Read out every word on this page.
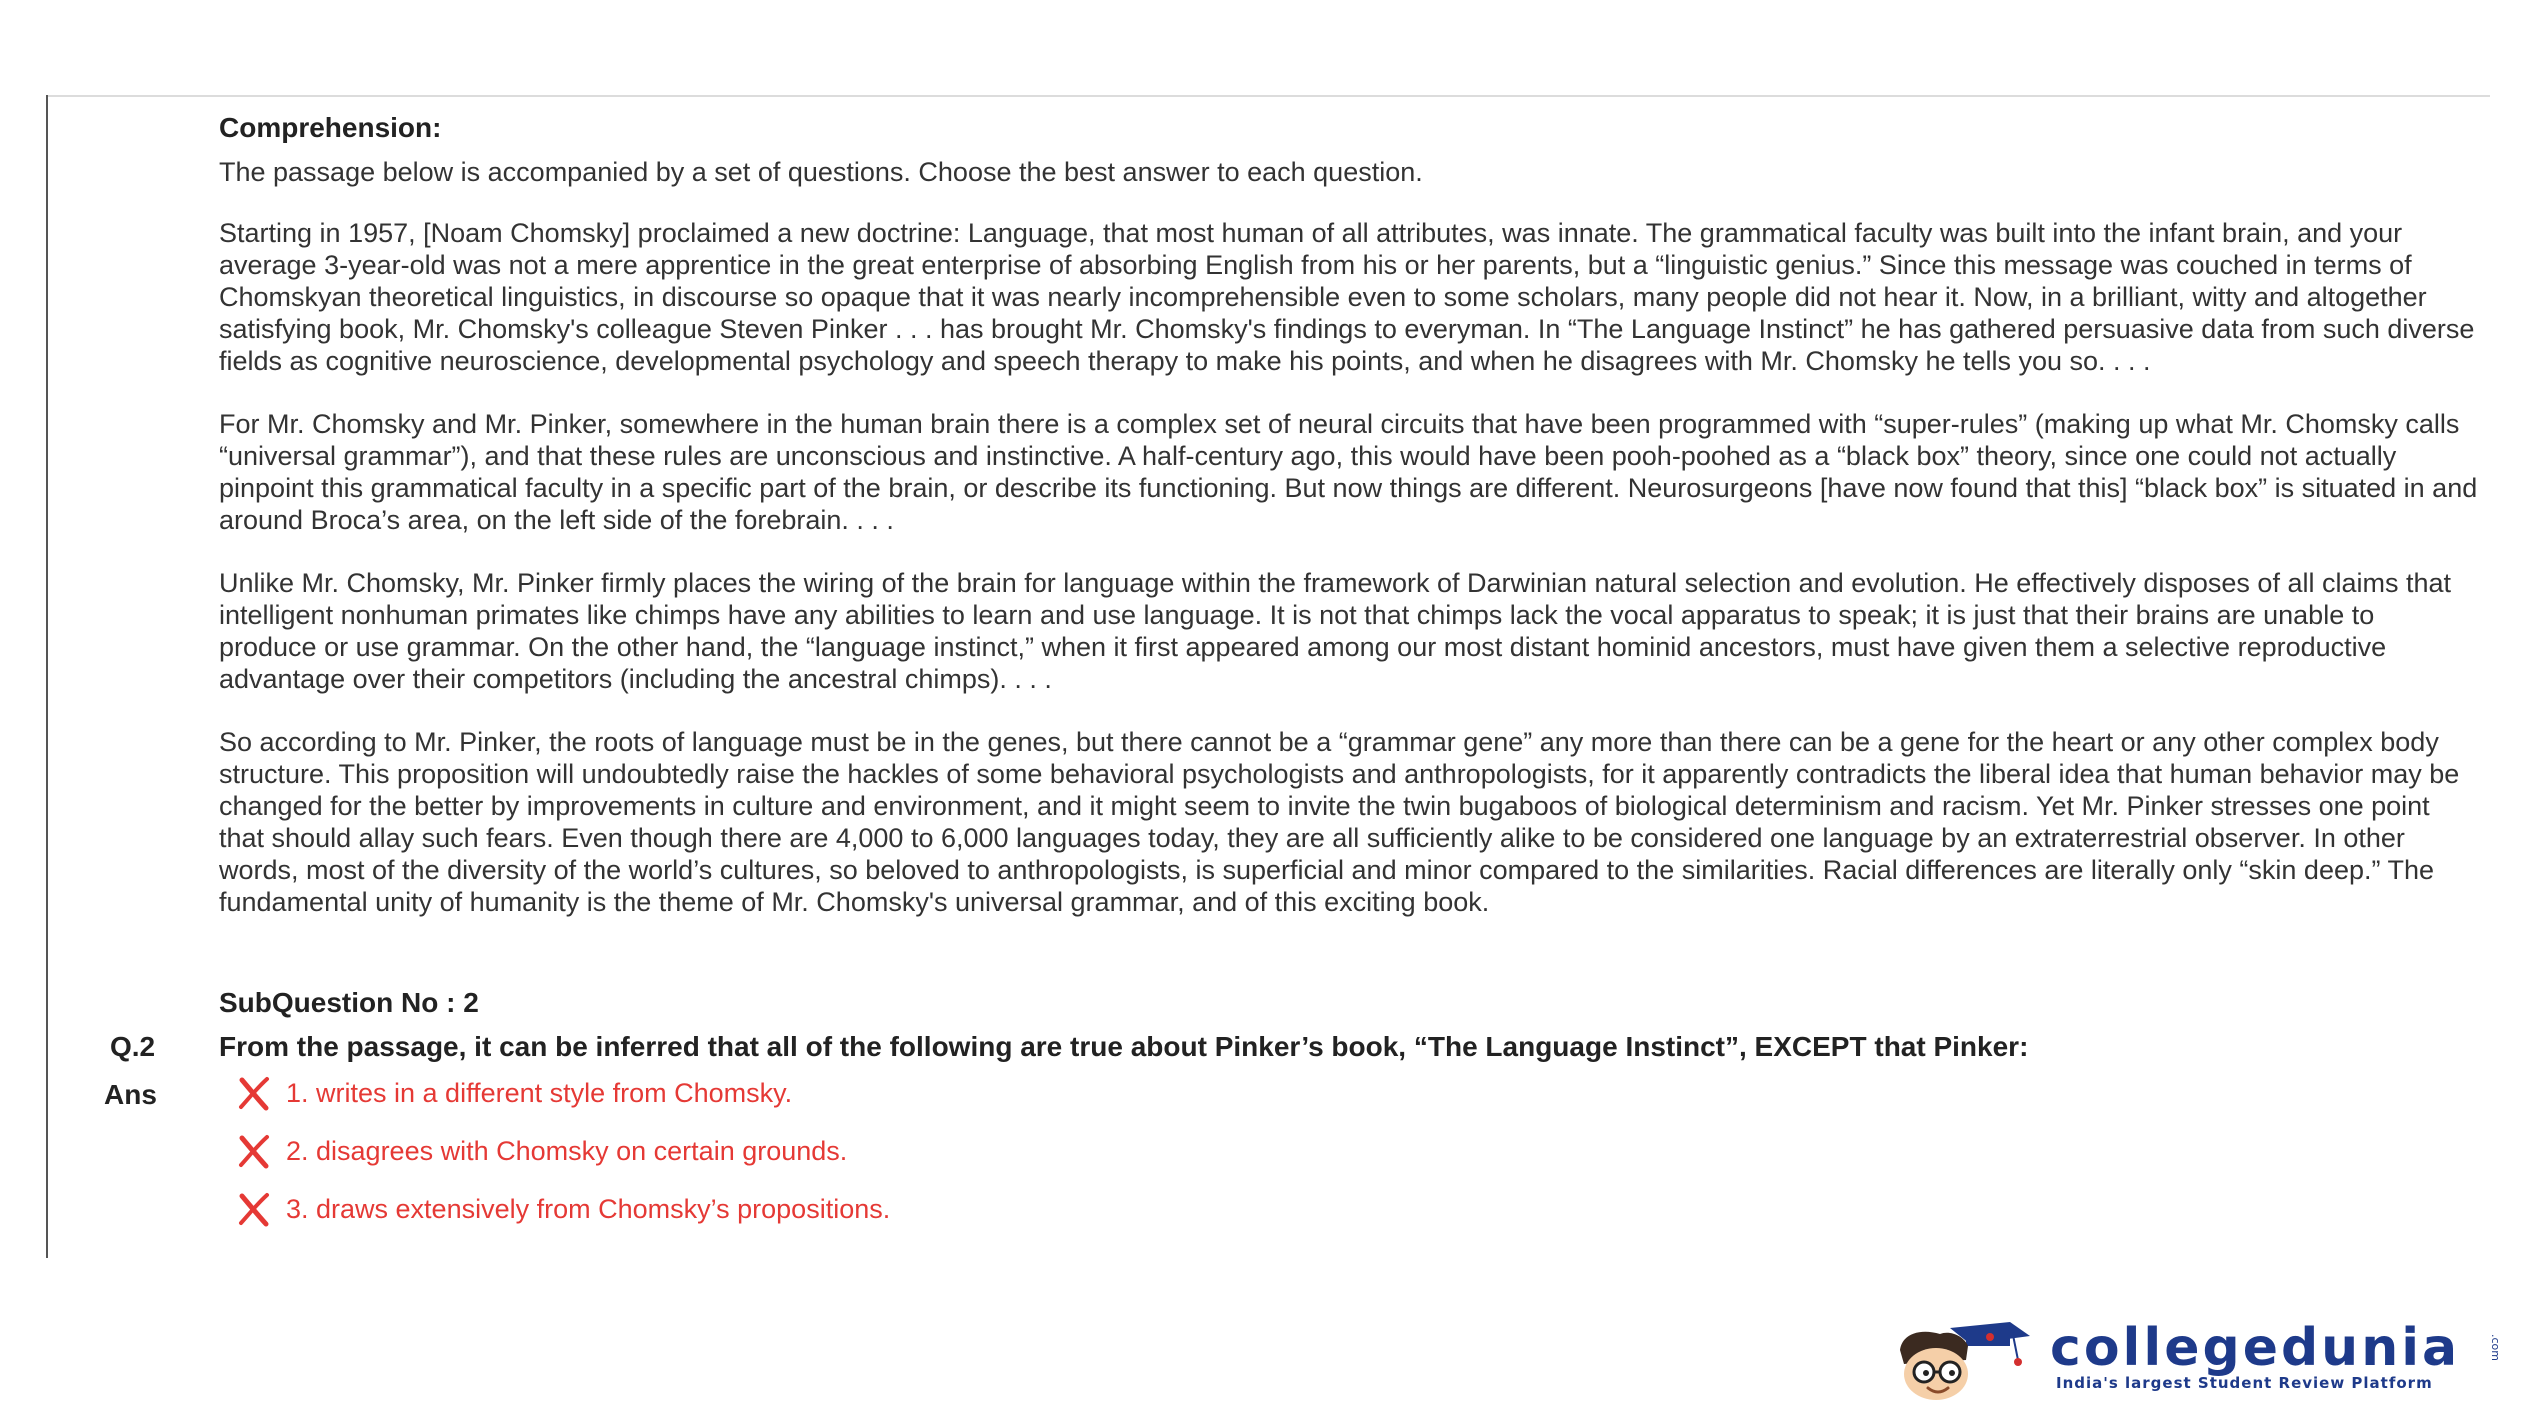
Comprehension:
The passage below is accompanied by a set of questions. Choose the best answer to each question.

Starting in 1957, [Noam Chomsky] proclaimed a new doctrine: Language, that most human of all attributes, was innate. The grammatical faculty was built into the infant brain, and your average 3-year-old was not a mere apprentice in the great enterprise of absorbing English from his or her parents, but a “linguistic genius.” Since this message was couched in terms of Chomskyan theoretical linguistics, in discourse so opaque that it was nearly incomprehensible even to some scholars, many people did not hear it. Now, in a brilliant, witty and altogether satisfying book, Mr. Chomsky's colleague Steven Pinker . . . has brought Mr. Chomsky's findings to everyman. In “The Language Instinct” he has gathered persuasive data from such diverse fields as cognitive neuroscience, developmental psychology and speech therapy to make his points, and when he disagrees with Mr. Chomsky he tells you so. . . .

For Mr. Chomsky and Mr. Pinker, somewhere in the human brain there is a complex set of neural circuits that have been programmed with “super-rules” (making up what Mr. Chomsky calls “universal grammar”), and that these rules are unconscious and instinctive. A half-century ago, this would have been pooh-poohed as a “black box” theory, since one could not actually pinpoint this grammatical faculty in a specific part of the brain, or describe its functioning. But now things are different. Neurosurgeons [have now found that this] “black box” is situated in and around Broca’s area, on the left side of the forebrain. . . .

Unlike Mr. Chomsky, Mr. Pinker firmly places the wiring of the brain for language within the framework of Darwinian natural selection and evolution. He effectively disposes of all claims that intelligent nonhuman primates like chimps have any abilities to learn and use language. It is not that chimps lack the vocal apparatus to speak; it is just that their brains are unable to produce or use grammar. On the other hand, the “language instinct,” when it first appeared among our most distant hominid ancestors, must have given them a selective reproductive advantage over their competitors (including the ancestral chimps). . . .

So according to Mr. Pinker, the roots of language must be in the genes, but there cannot be a “grammar gene” any more than there can be a gene for the heart or any other complex body structure. This proposition will undoubtedly raise the hackles of some behavioral psychologists and anthropologists, for it apparently contradicts the liberal idea that human behavior may be changed for the better by improvements in culture and environment, and it might seem to invite the twin bugaboos of biological determinism and racism. Yet Mr. Pinker stresses one point that should allay such fears. Even though there are 4,000 to 6,000 languages today, they are all sufficiently alike to be considered one language by an extraterrestrial observer. In other words, most of the diversity of the world’s cultures, so beloved to anthropologists, is superficial and minor compared to the similarities. Racial differences are literally only “skin deep.” The fundamental unity of humanity is the theme of Mr. Chomsky's universal grammar, and of this exciting book.

SubQuestion No : 2
Q.2 From the passage, it can be inferred that all of the following are true about Pinker’s book, “The Language Instinct”, EXCEPT that Pinker:
Ans	1. writes in a different style from Chomsky.
2. disagrees with Chomsky on certain grounds.
3. draws extensively from Chomsky’s propositions.
collegedunia	.com
India's largest Student Review Platform
